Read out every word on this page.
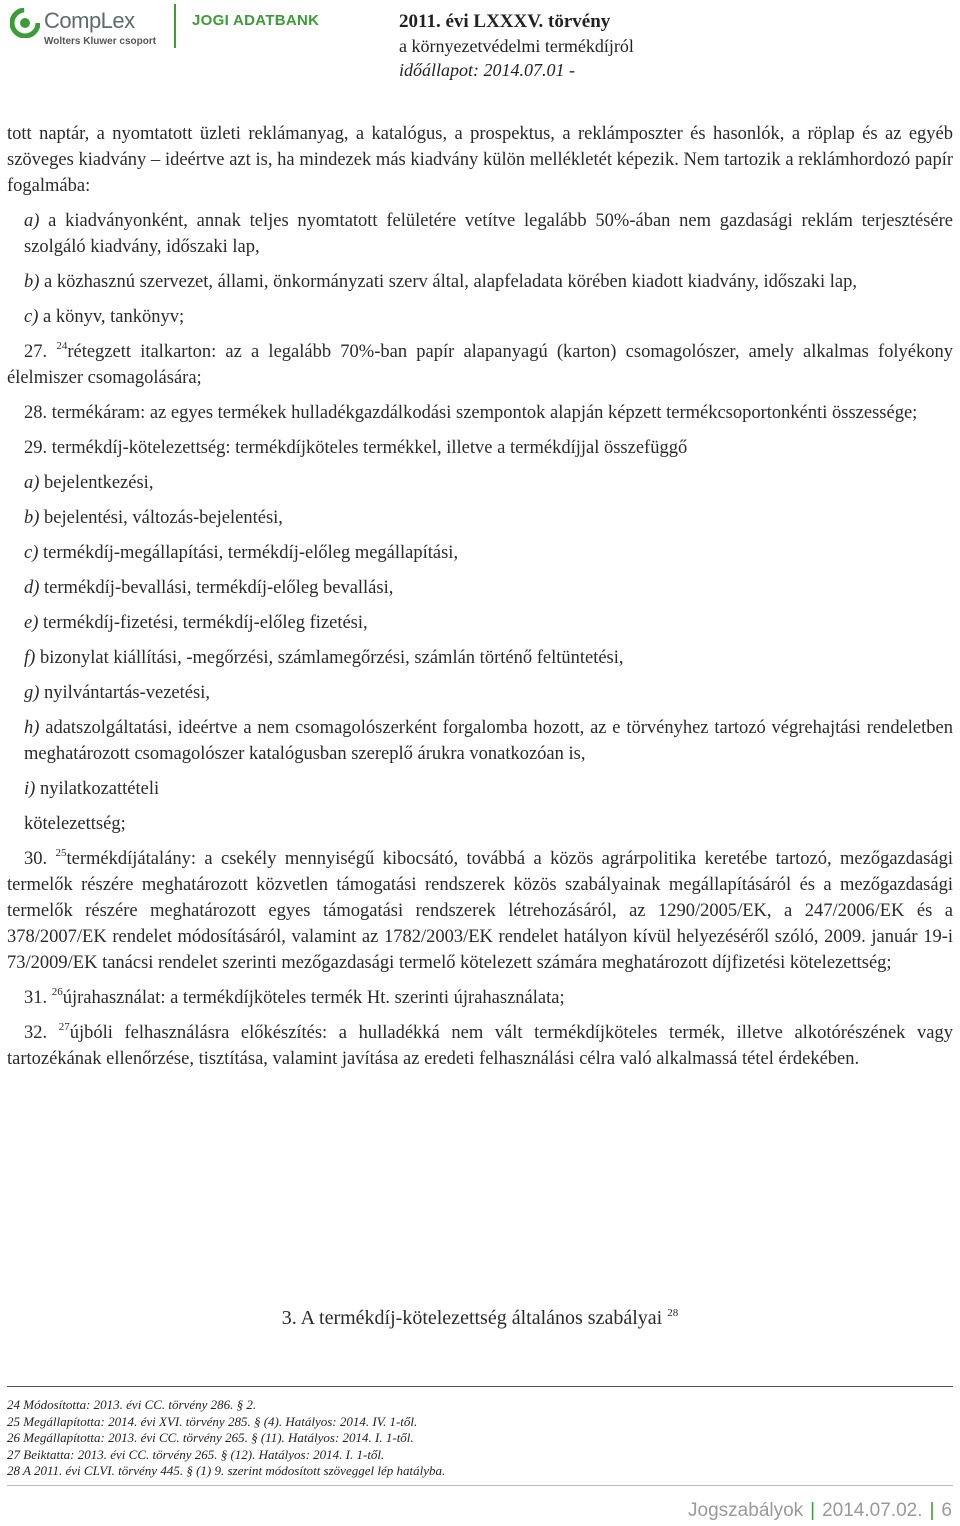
CompLex
Wolters Kluwer csoport
JOGI ADATBANK	2011. évi LXXXV. törvény
a környezetvédelmi termékdíjról
időállapot: 2014.07.01 -

tott naptár, a nyomtatott üzleti reklámanyag, a katalógus, a prospektus, a reklámposzter és hasonlók, a röplap és az egyéb szöveges kiadvány – ideértve azt is, ha mindezek más kiadvány külön mellékletét képezik. Nem tartozik a reklámhordozó papír fogalmába:

a) a kiadványonként, annak teljes nyomtatott felületére vetítve legalább 50%-ában nem gazdasági reklám terjesztésére szolgáló kiadvány, időszaki lap,

b) a közhasznú szervezet, állami, önkormányzati szerv által, alapfeladata körében kiadott kiadvány, időszaki lap,

c) a könyv, tankönyv;

27. $^{24}$rétegzett italkarton: az a legalább 70%-ban papír alapanyagú (karton) csomagolószer, amely alkalmas folyékony élelmiszer csomagolására;

28. termékáram: az egyes termékek hulladékgazdálkodási szempontok alapján képzett termékcsoportonkénti összessége;

29. termékdíj-kötelezettség: termékdíjköteles termékkel, illetve a termékdíjjal összefüggő

a) bejelentkezési,

b) bejelentési, változás-bejelentési,

c) termékdíj-megállapítási, termékdíj-előleg megállapítási,

d) termékdíj-bevallási, termékdíj-előleg bevallási,

e) termékdíj-fizetési, termékdíj-előleg fizetési,

f) bizonylat kiállítási, -megőrzési, számlamegőrzési, számlán történő feltüntetési,

g) nyilvántartás-vezetési,

h) adatszolgáltatási, ideértve a nem csomagolószerként forgalomba hozott, az e törvényhez tartozó végrehajtási rendeletben meghatározott csomagolószer katalógusban szereplő árukra vonatkozóan is,

i) nyilatkozattételi

kötelezettség;

30. $^{25}$termékdíjátalány: a csekély mennyiségű kibocsátó, továbbá a közös agrárpolitika keretébe tartozó, mezőgazdasági termelők részére meghatározott közvetlen támogatási rendszerek közös szabályainak megállapításáról és a mezőgazdasági termelők részére meghatározott egyes támogatási rendszerek létrehozásáról, az 1290/2005/EK, a 247/2006/EK és a 378/2007/EK rendelet módosításáról, valamint az 1782/2003/EK rendelet hatályon kívül helyezéséről szóló, 2009. január 19-i 73/2009/EK tanácsi rendelet szerinti mezőgazdasági termelő kötelezett számára meghatározott díjfizetési kötelezettség;

31. $^{26}$újrahasználat: a termékdíjköteles termék Ht. szerinti újrahasználata;

32. $^{27}$újbóli felhasználásra előkészítés: a hulladékká nem vált termékdíjköteles termék, illetve alkotórészének vagy tartozékának ellenőrzése, tisztítása, valamint javítása az eredeti felhasználási célra való alkalmassá tétel érdekében.

3. A termékdíj-kötelezettség általános szabályai $^{28}$
24 Módosította: 2013. évi CC. törvény 286. § 2.
25 Megállapította: 2014. évi XVI. törvény 285. § (4). Hatályos: 2014. IV. 1-től.
26 Megállapította: 2013. évi CC. törvény 265. § (11). Hatályos: 2014. I. 1-től.
27 Beiktatta: 2013. évi CC. törvény 265. § (12). Hatályos: 2014. I. 1-től.
28 A 2011. évi CLVI. törvény 445. § (1) 9. szerint módosított szöveggel lép hatályba.
Jogszabályok | 2014.07.02. | 6
